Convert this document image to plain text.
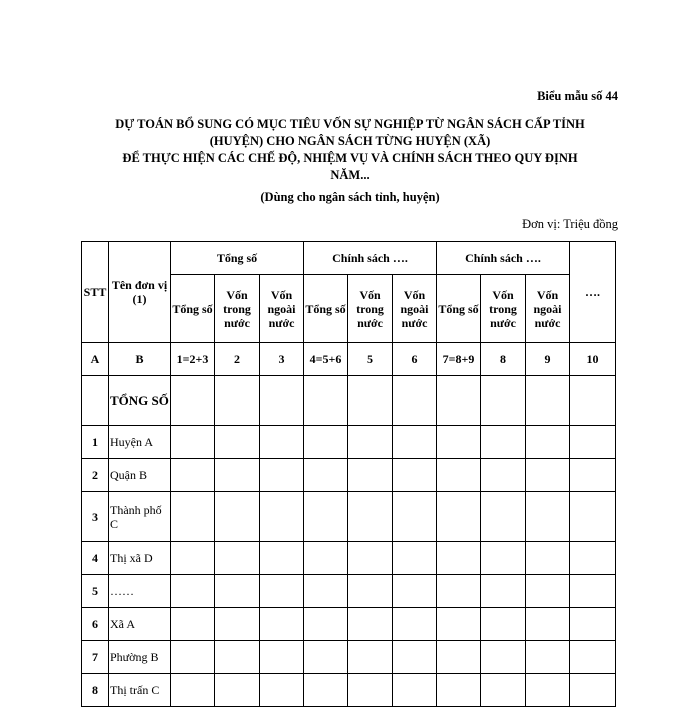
Biểu mẫu số 44
DỰ TOÁN BỔ SUNG CÓ MỤC TIÊU VỐN SỰ NGHIỆP TỪ NGÂN SÁCH CẤP TỈNH
(HUYỆN) CHO NGÂN SÁCH TỪNG HUYỆN (XÃ)
ĐỂ THỰC HIỆN CÁC CHẾ ĐỘ, NHIỆM VỤ VÀ CHÍNH SÁCH THEO QUY ĐỊNH
NĂM...
(Dùng cho ngân sách tỉnh, huyện)
Đơn vị: Triệu đồng
STT	Tên đơn vị (1)	Tổng số			Chính sách ….			Chính sách ….			….
		Tổng số	Vốn trong nước	Vốn ngoài nước	Tổng số	Vốn trong nước	Vốn ngoài nước	Tổng số	Vốn trong nước	Vốn ngoài nước	
A	B	1=2+3	2	3	4=5+6	5	6	7=8+9	8	9	10
	TỔNG SỐ										
1	Huyện A										
2	Quận B										
3	Thành phố C										
4	Thị xã D										
5	……										
6	Xã A										
7	Phường B										
8	Thị trấn C										
